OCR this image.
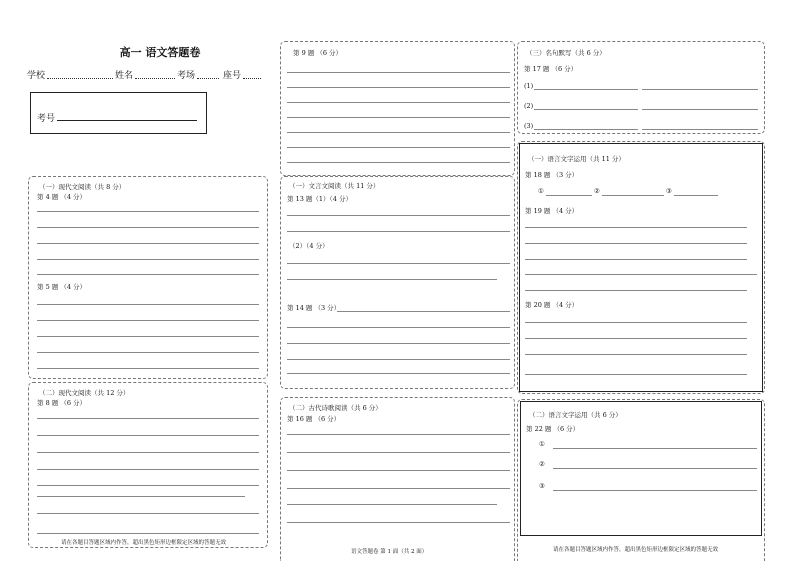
高一 语文答题卷
学校	姓名	考场	座号
考号
（一）现代文阅读（共 8 分）
第 4 题 （4 分）
第 5 题 （4 分）
（二）现代文阅读（共 12 分）
第 8 题 （6 分）
请在各题目答题区域内作答，超出黑色矩形边框限定区域的答题无效
第 9 题 （6 分）
（一）文言文阅读（共 11 分）
第 13 题（1）（4 分）
（2）（4 分）
第 14 题 （3 分）
（二）古代诗歌阅读（共 6 分）
第 16 题 （6 分）
语文答题卷 第 1 面（共 2 面）
（三）名句默写（共 6 分）
第 17 题 （6 分）
(1)
(2)
(3)
（一）语言文字运用（共 11 分）
第 18 题 （3 分）
①	②	③
第 19 题 （4 分）
第 20 题 （4 分）
（二）语言文字运用（共 6 分）
第 22 题 （6 分）
①
②
③
请在各题目答题区域内作答，超出黑色矩形边框限定区域的答题无效
